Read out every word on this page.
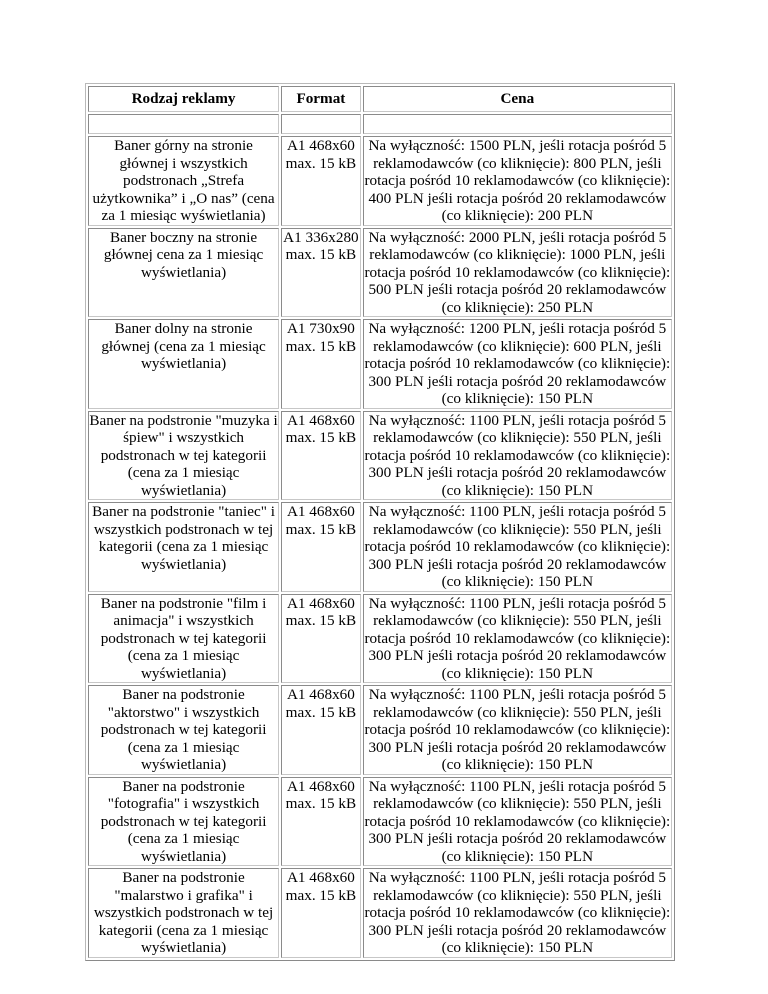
Rodzaj reklamy	Format	Cena

Baner górny na stronie głównej i wszystkich podstronach „Strefa użytkownika” i „O nas” (cena za 1 miesiąc wyświetlania)	A1 468x60 max. 15 kB	Na wyłączność: 1500 PLN, jeśli rotacja pośród 5 reklamodawców (co kliknięcie): 800 PLN, jeśli rotacja pośród 10 reklamodawców (co kliknięcie): 400 PLN jeśli rotacja pośród 20 reklamodawców (co kliknięcie): 200 PLN
Baner boczny na stronie głównej cena za 1 miesiąc wyświetlania)	A1 336x280 max. 15 kB	Na wyłączność: 2000 PLN, jeśli rotacja pośród 5 reklamodawców (co kliknięcie): 1000 PLN, jeśli rotacja pośród 10 reklamodawców (co kliknięcie): 500 PLN jeśli rotacja pośród 20 reklamodawców (co kliknięcie): 250 PLN
Baner dolny na stronie głównej (cena za 1 miesiąc wyświetlania)	A1 730x90 max. 15 kB	Na wyłączność: 1200 PLN, jeśli rotacja pośród 5 reklamodawców (co kliknięcie): 600 PLN, jeśli rotacja pośród 10 reklamodawców (co kliknięcie): 300 PLN jeśli rotacja pośród 20 reklamodawców (co kliknięcie): 150 PLN
Baner na podstronie "muzyka i śpiew" i wszystkich podstronach w tej kategorii (cena za 1 miesiąc wyświetlania)	A1 468x60 max. 15 kB	Na wyłączność: 1100 PLN, jeśli rotacja pośród 5 reklamodawców (co kliknięcie): 550 PLN, jeśli rotacja pośród 10 reklamodawców (co kliknięcie): 300 PLN jeśli rotacja pośród 20 reklamodawców (co kliknięcie): 150 PLN
Baner na podstronie "taniec" i wszystkich podstronach w tej kategorii (cena za 1 miesiąc wyświetlania)	A1 468x60 max. 15 kB	Na wyłączność: 1100 PLN, jeśli rotacja pośród 5 reklamodawców (co kliknięcie): 550 PLN, jeśli rotacja pośród 10 reklamodawców (co kliknięcie): 300 PLN jeśli rotacja pośród 20 reklamodawców (co kliknięcie): 150 PLN
Baner na podstronie "film i animacja" i wszystkich podstronach w tej kategorii (cena za 1 miesiąc wyświetlania)	A1 468x60 max. 15 kB	Na wyłączność: 1100 PLN, jeśli rotacja pośród 5 reklamodawców (co kliknięcie): 550 PLN, jeśli rotacja pośród 10 reklamodawców (co kliknięcie): 300 PLN jeśli rotacja pośród 20 reklamodawców (co kliknięcie): 150 PLN
Baner na podstronie "aktorstwo" i wszystkich podstronach w tej kategorii (cena za 1 miesiąc wyświetlania)	A1 468x60 max. 15 kB	Na wyłączność: 1100 PLN, jeśli rotacja pośród 5 reklamodawców (co kliknięcie): 550 PLN, jeśli rotacja pośród 10 reklamodawców (co kliknięcie): 300 PLN jeśli rotacja pośród 20 reklamodawców (co kliknięcie): 150 PLN
Baner na podstronie "fotografia" i wszystkich podstronach w tej kategorii (cena za 1 miesiąc wyświetlania)	A1 468x60 max. 15 kB	Na wyłączność: 1100 PLN, jeśli rotacja pośród 5 reklamodawców (co kliknięcie): 550 PLN, jeśli rotacja pośród 10 reklamodawców (co kliknięcie): 300 PLN jeśli rotacja pośród 20 reklamodawców (co kliknięcie): 150 PLN
Baner na podstronie "malarstwo i grafika" i wszystkich podstronach w tej kategorii (cena za 1 miesiąc wyświetlania)	A1 468x60 max. 15 kB	Na wyłączność: 1100 PLN, jeśli rotacja pośród 5 reklamodawców (co kliknięcie): 550 PLN, jeśli rotacja pośród 10 reklamodawców (co kliknięcie): 300 PLN jeśli rotacja pośród 20 reklamodawców (co kliknięcie): 150 PLN
